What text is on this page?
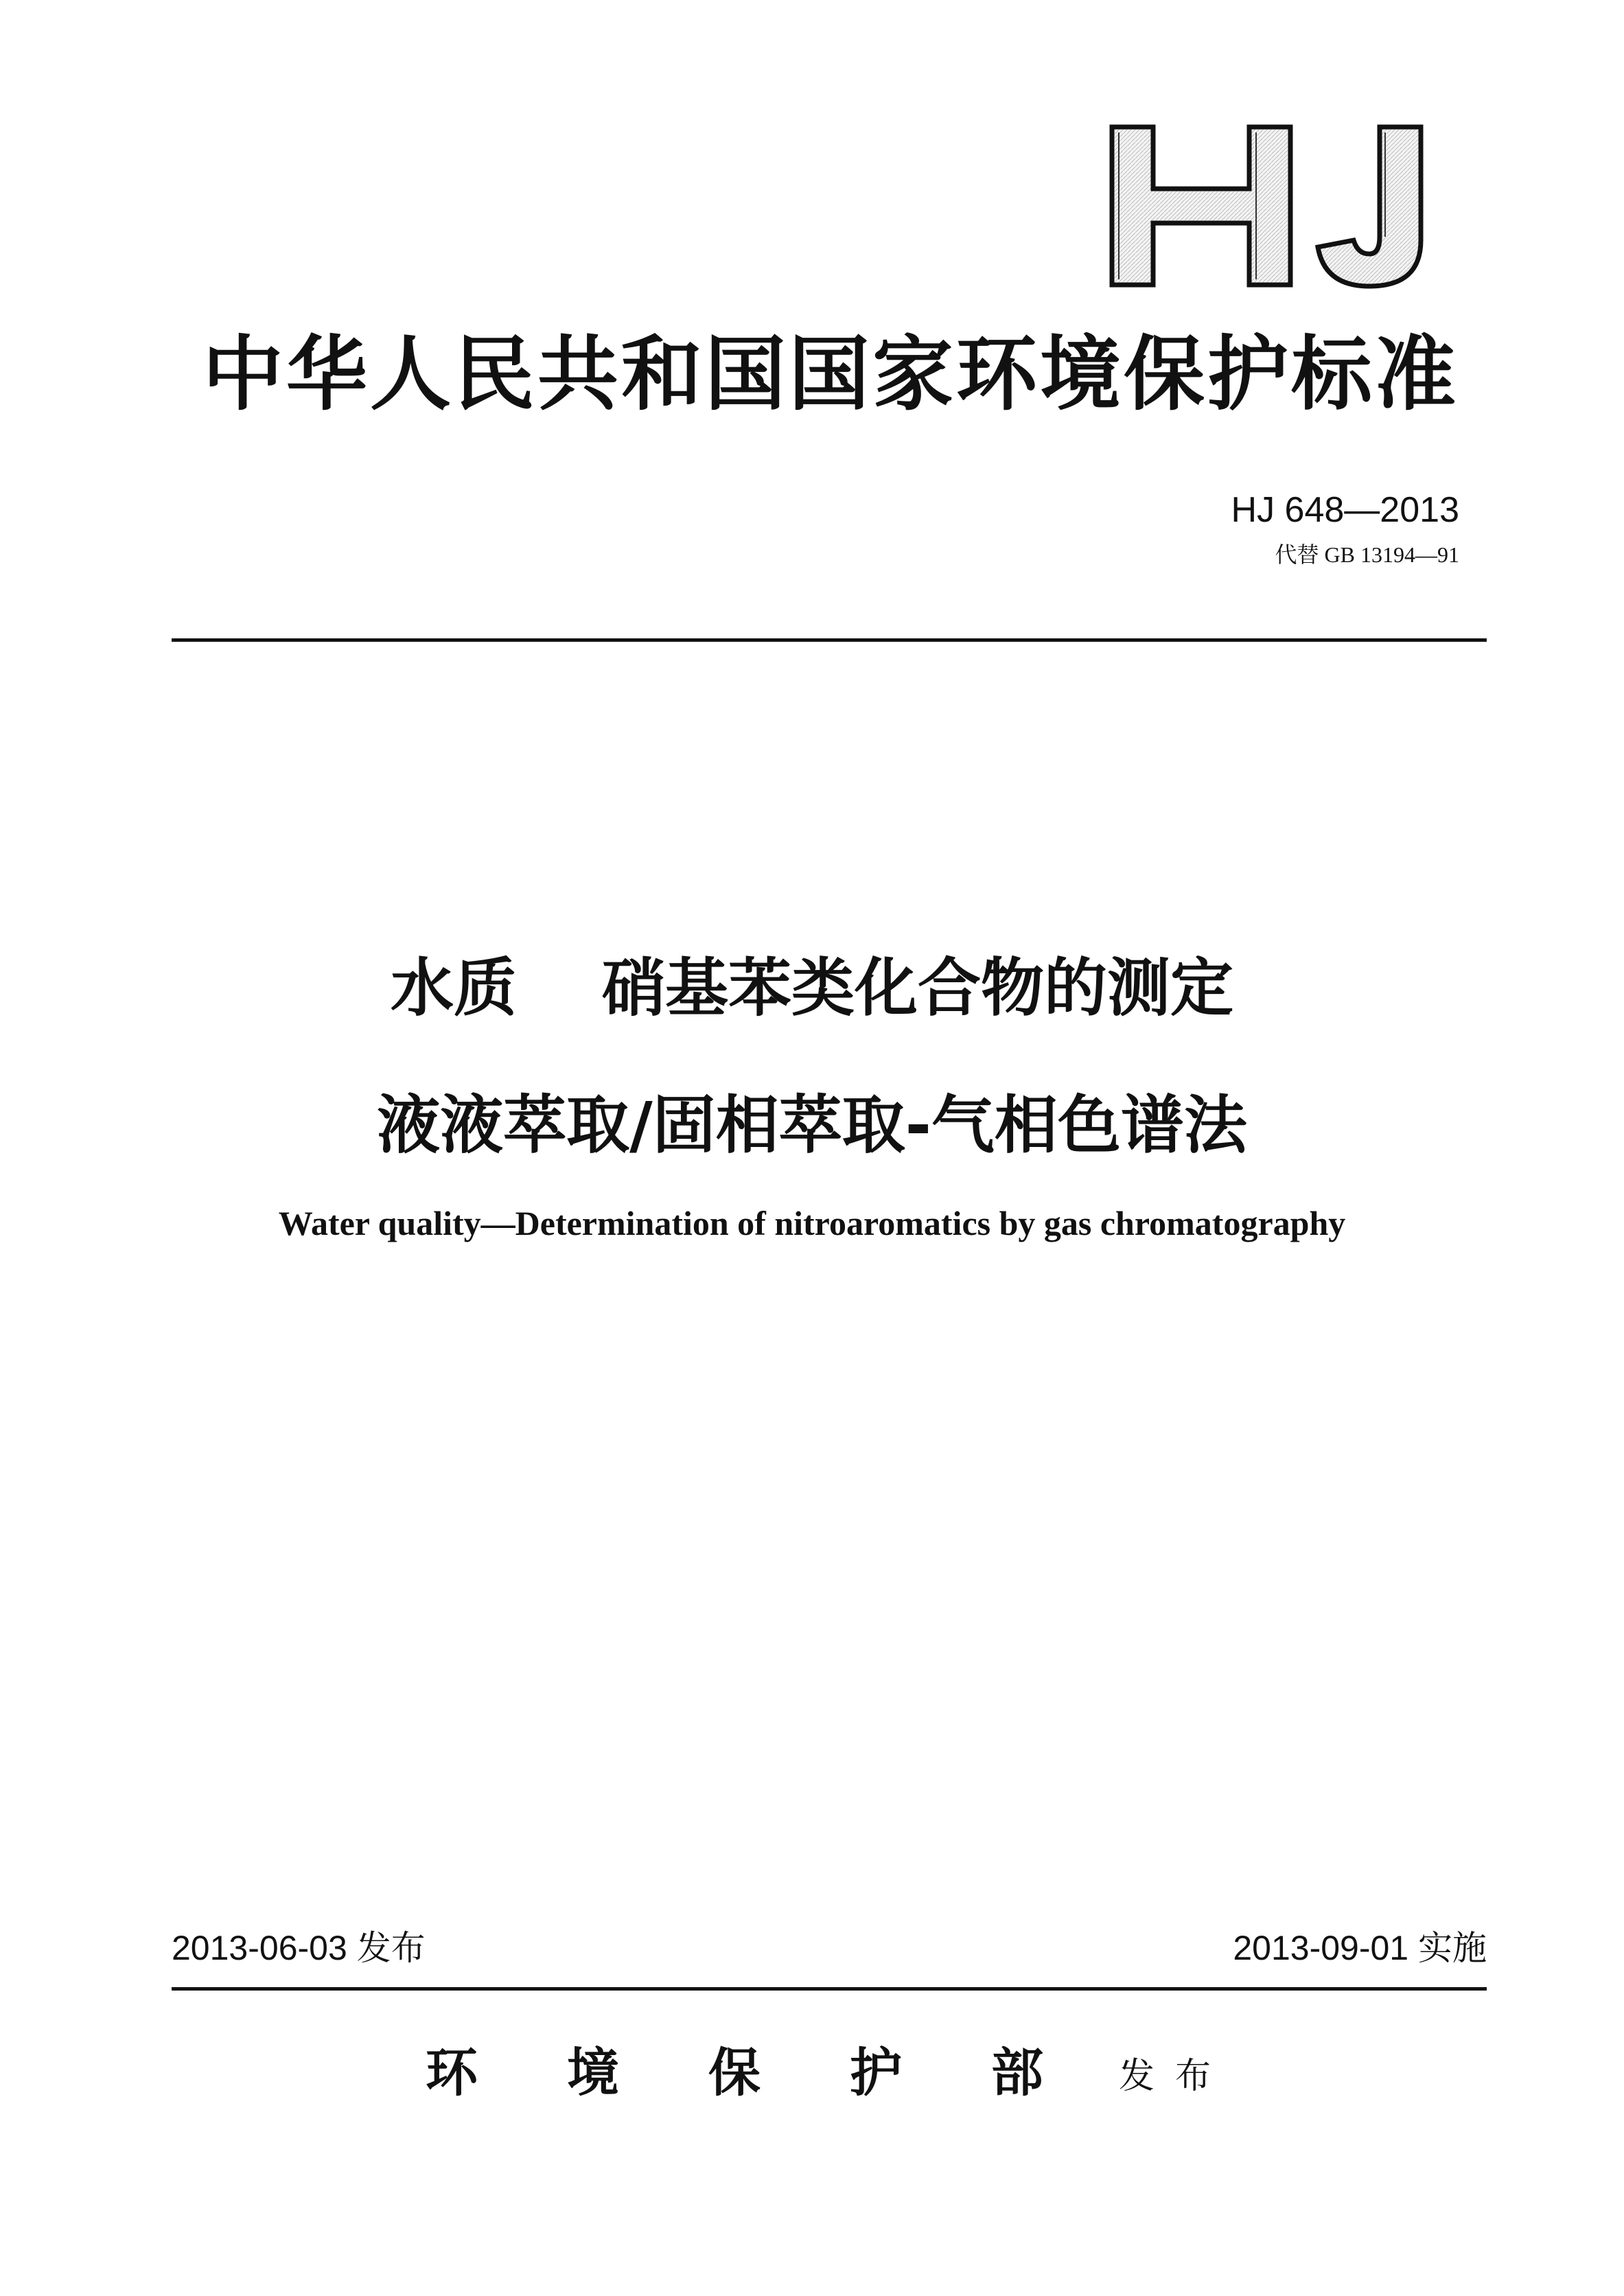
中华人民共和国国家环境保护标准
HJ 648—2013
代替 GB 13194—91
水质 　硝基苯类化合物的测定
液液萃取/固相萃取-气相色谱法
Water quality—Determination of nitroaromatics by gas chromatography
2013-06-03 发布	2013-09-01 实施
环境保护部
发布
